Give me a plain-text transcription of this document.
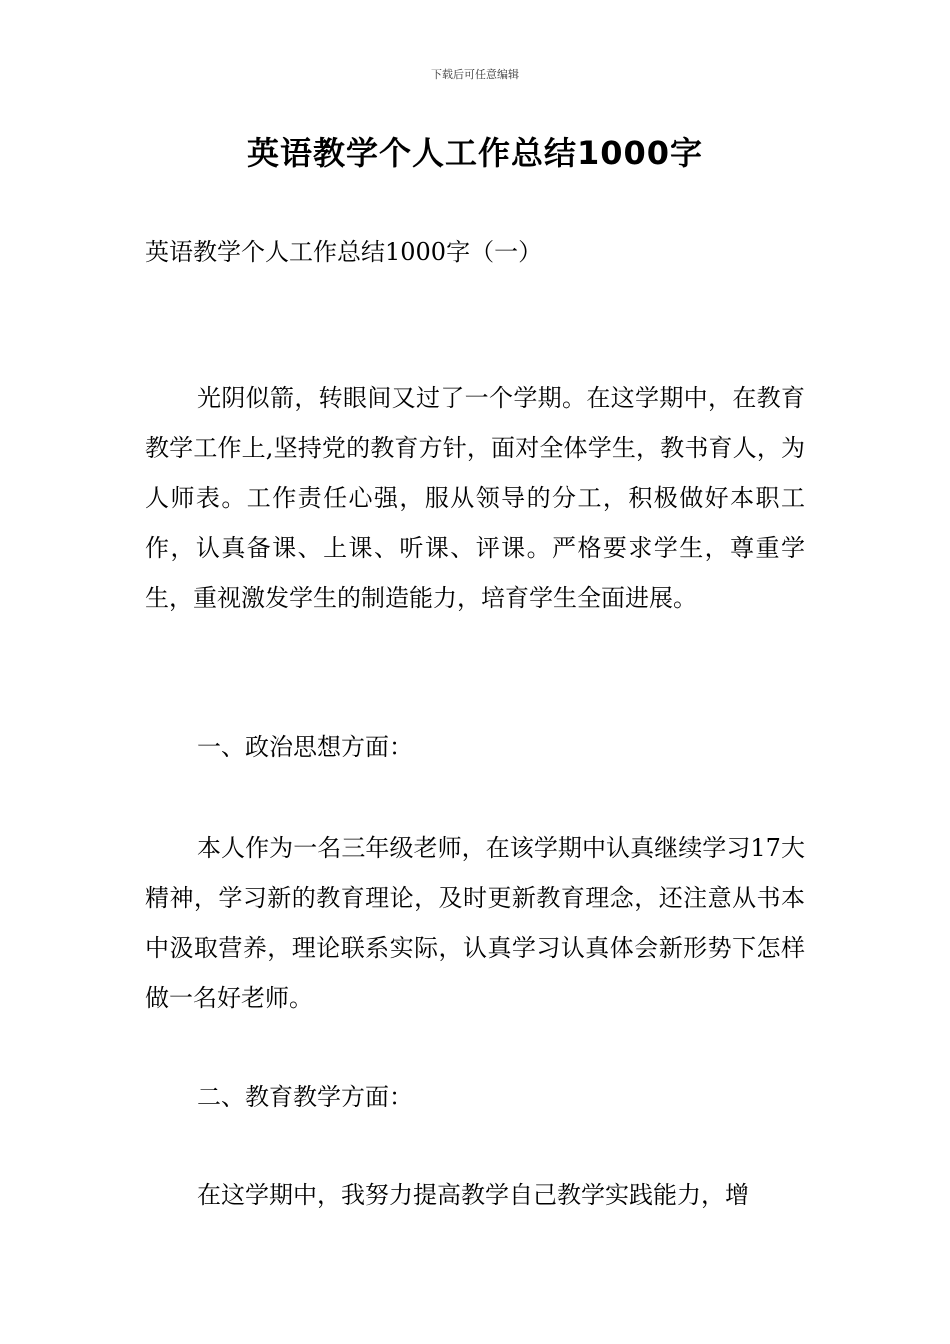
下载后可任意编辑
英语教学个人工作总结1000字
英语教学个人工作总结1000字（一）

光阴似箭，转眼间又过了一个学期。在这学期中，在教育教学工作上,坚持党的教育方针，面对全体学生，教书育人，为人师表。工作责任心强，服从领导的分工，积极做好本职工作，认真备课、上课、听课、评课。严格要求学生，尊重学生，重视激发学生的制造能力，培育学生全面进展。

一、政治思想方面：

本人作为一名三年级老师，在该学期中认真继续学习17大精神，学习新的教育理论，及时更新教育理念，还注意从书本中汲取营养，理论联系实际，认真学习认真体会新形势下怎样做一名好老师。

二、教育教学方面：

在这学期中，我努力提高教学自己教学实践能力，增
